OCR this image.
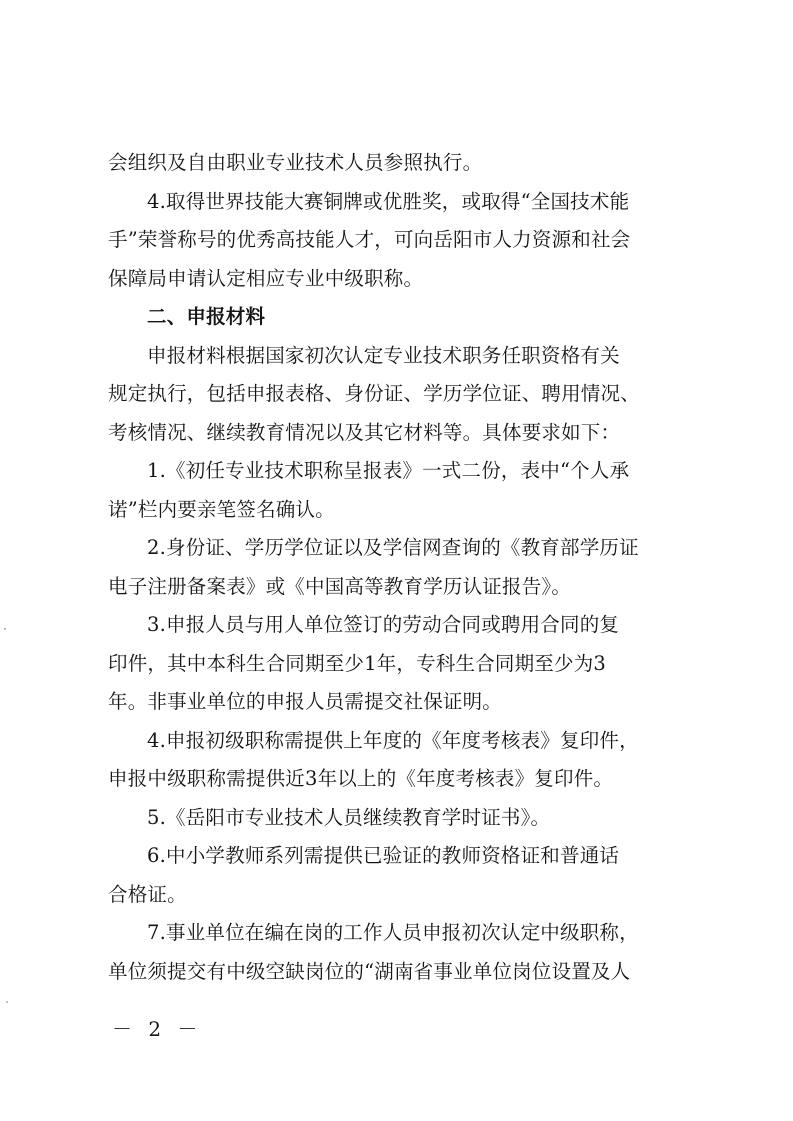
会组织及自由职业专业技术人员参照执行。
4.取得世界技能大赛铜牌或优胜奖，或取得“全国技术能
手”荣誉称号的优秀高技能人才，可向岳阳市人力资源和社会
保障局申请认定相应专业中级职称。
二、申报材料
申报材料根据国家初次认定专业技术职务任职资格有关
规定执行，包括申报表格、身份证、学历学位证、聘用情况、
考核情况、继续教育情况以及其它材料等。具体要求如下：
1.《初任专业技术职称呈报表》一式二份，表中“个人承
诺”栏内要亲笔签名确认。
2.身份证、学历学位证以及学信网查询的《教育部学历证
电子注册备案表》或《中国高等教育学历认证报告》。
3.申报人员与用人单位签订的劳动合同或聘用合同的复
印件，其中本科生合同期至少1年，专科生合同期至少为3
年。非事业单位的申报人员需提交社保证明。
4.申报初级职称需提供上年度的《年度考核表》复印件，
申报中级职称需提供近3年以上的《年度考核表》复印件。
5.《岳阳市专业技术人员继续教育学时证书》。
6.中小学教师系列需提供已验证的教师资格证和普通话
合格证。
7.事业单位在编在岗的工作人员申报初次认定中级职称，
单位须提交有中级空缺岗位的“湖南省事业单位岗位设置及人
－ 2 －
